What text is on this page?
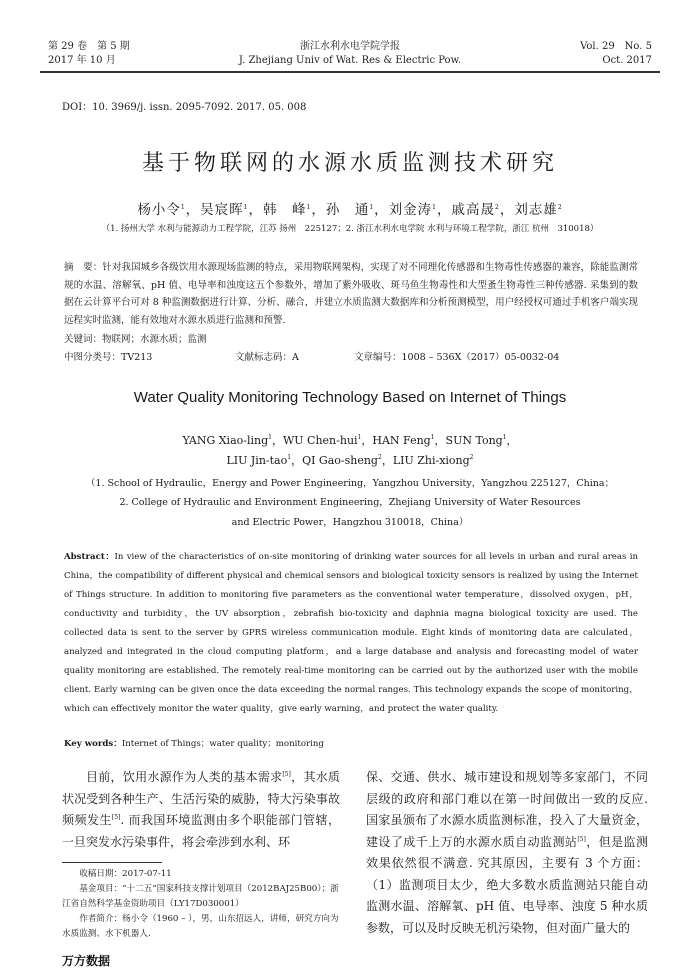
第 29 卷　第 5 期
2017 年 10 月
浙江水利水电学院学报
J. Zhejiang Univ of Wat. Res & Electric Pow.
Vol. 29　No. 5
Oct. 2017
DOI：10. 3969/j. issn. 2095-7092. 2017. 05. 008
基于物联网的水源水质监测技术研究
杨小令$^1$，吴宸晖$^1$，韩　峰$^1$，孙　通$^1$，刘金涛$^1$，戚高晟$^2$，刘志雄$^2$
（1. 扬州大学 水利与能源动力工程学院，江苏 扬州　225127；2. 浙江水利水电学院 水利与环境工程学院，浙江 杭州　310018）
摘　要：针对我国城乡各级饮用水源现场监测的特点，采用物联网架构，实现了对不同理化传感器和生物毒性传感器的兼容，除能监测常规的水温、溶解氧、pH 值、电导率和浊度这五个参数外，增加了紫外吸收、斑马鱼生物毒性和大型蚤生物毒性三种传感器. 采集到的数据在云计算平台可对 8 种监测数据进行计算、分析、融合，并建立水质监测大数据库和分析预测模型，用户经授权可通过手机客户端实现远程实时监测，能有效地对水源水质进行监测和预警.
关键词：物联网；水源水质；监测
中图分类号：TV213	文献标志码：A	文章编号：1008 – 536X（2017）05-0032-04
Water Quality Monitoring Technology Based on Internet of Things
YANG Xiao-ling$^1$，WU Chen-hui$^1$，HAN Feng$^1$，SUN Tong$^1$，
LIU Jin-tao$^1$，QI Gao-sheng$^2$，LIU Zhi-xiong$^2$
（1. School of Hydraulic，Energy and Power Engineering，Yangzhou University，Yangzhou 225127，China；
2. College of Hydraulic and Environment Engineering，Zhejiang University of Water Resources
and Electric Power，Hangzhou 310018，China）
Abstract：In view of the characteristics of on-site monitoring of drinking water sources for all levels in urban and rural areas in China，the compatibility of different physical and chemical sensors and biological toxicity sensors is realized by using the Internet of Things structure. In addition to monitoring five parameters as the conventional water temperature，dissolved oxygen，pH，conductivity and turbidity，the UV absorption，zebrafish bio-toxicity and daphnia magna biological toxicity are used. The collected data is sent to the server by GPRS wireless communication module. Eight kinds of monitoring data are calculated，analyzed and integrated in the cloud computing platform，and a large database and analysis and forecasting model of water quality monitoring are established. The remotely real-time monitoring can be carried out by the authorized user with the mobile client. Early warning can be given once the data exceeding the normal ranges. This technology expands the scope of monitoring，which can effectively monitor the water quality，give early warning，and protect the water quality.
Key words：Internet of Things；water quality；monitoring
目前，饮用水源作为人类的基本需求[5]，其水质状况受到各种生产、生活污染的威胁，特大污染事故频频发生[5]. 而我国环境监测由多个职能部门管辖，一旦突发水污染事件，将会牵涉到水利、环
保、交通、供水、城市建设和规划等多家部门，不同层级的政府和部门难以在第一时间做出一致的反应. 国家虽颁布了水源水质监测标准，投入了大量资金，建设了成千上万的水源水质自动监测站[5]，但是监测效果依然很不满意. 究其原因，主要有 3 个方面：（1）监测项目太少，绝大多数水质监测站只能自动监测水温、溶解氧、pH 值、电导率、浊度 5 种水质参数，可以及时反映无机污染物，但对面广量大的
收稿日期：2017-07-11
基金项目：“十二五”国家科技支撑计划项目（2012BAJ25B00）；浙江省自然科学基金资助项目（LY17D030001）
作者简介：杨小令（1960 – ），男，山东招远人，讲师，研究方向为水质监测、水下机器人.
万方数据
